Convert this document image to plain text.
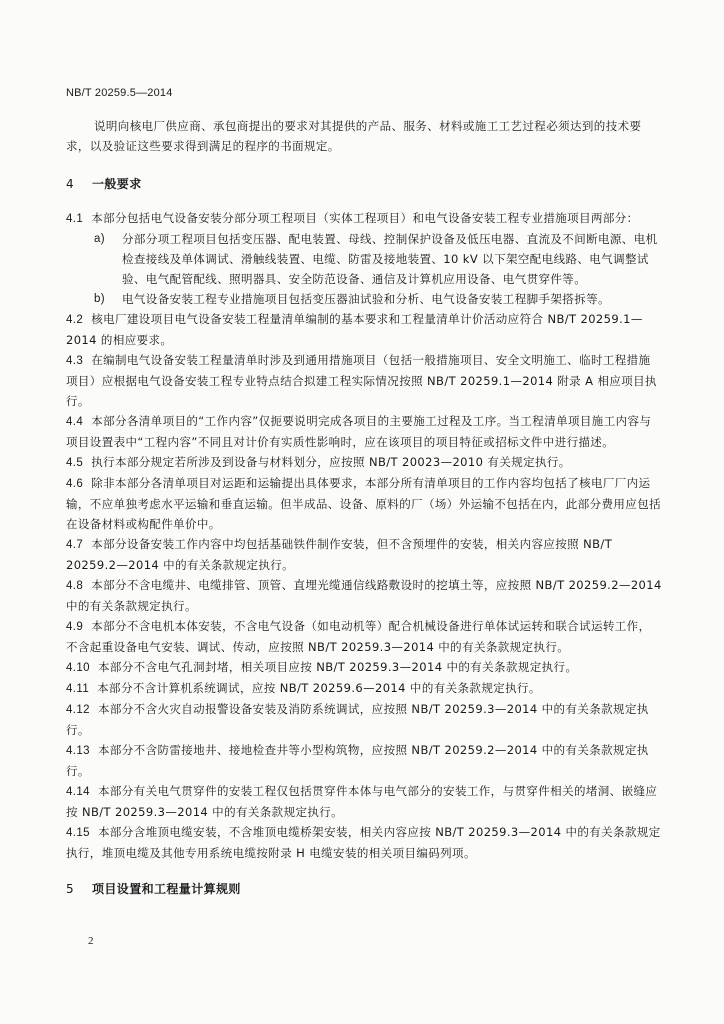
NB/T 20259.5—2014

说明向核电厂供应商、承包商提出的要求对其提供的产品、服务、材料或施工工艺过程必须达到的技术要求，以及验证这些要求得到满足的程序的书面规定。

4 一般要求

4.1 本部分包括电气设备安装分部分项工程项目（实体工程项目）和电气设备安装工程专业措施项目两部分：

a) 分部分项工程项目包括变压器、配电装置、母线、控制保护设备及低压电器、直流及不间断电源、电机检查接线及单体调试、滑触线装置、电缆、防雷及接地装置、10 kV 以下架空配电线路、电气调整试验、电气配管配线、照明器具、安全防范设备、通信及计算机应用设备、电气贯穿件等。

b) 电气设备安装工程专业措施项目包括变压器油试验和分析、电气设备安装工程脚手架搭拆等。

4.2 核电厂建设项目电气设备安装工程量清单编制的基本要求和工程量清单计价活动应符合 NB/T 20259.1—2014 的相应要求。

4.3 在编制电气设备安装工程量清单时涉及到通用措施项目（包括一般措施项目、安全文明施工、临时工程措施项目）应根据电气设备安装工程专业特点结合拟建工程实际情况按照 NB/T 20259.1—2014 附录 A 相应项目执行。

4.4 本部分各清单项目的“工作内容”仅扼要说明完成各项目的主要施工过程及工序。当工程清单项目施工内容与项目设置表中“工程内容”不同且对计价有实质性影响时，应在该项目的项目特征或招标文件中进行描述。

4.5 执行本部分规定若所涉及到设备与材料划分，应按照 NB/T 20023—2010 有关规定执行。

4.6 除非本部分各清单项目对运距和运输提出具体要求，本部分所有清单项目的工作内容均包括了核电厂厂内运输，不应单独考虑水平运输和垂直运输。但半成品、设备、原料的厂（场）外运输不包括在内，此部分费用应包括在设备材料或构配件单价中。

4.7 本部分设备安装工作内容中均包括基础铁件制作安装，但不含预埋件的安装，相关内容应按照 NB/T 20259.2—2014 中的有关条款规定执行。

4.8 本部分不含电缆井、电缆排管、顶管、直埋光缆通信线路敷设时的挖填土等，应按照 NB/T 20259.2—2014 中的有关条款规定执行。

4.9 本部分不含电机本体安装，不含电气设备（如电动机等）配合机械设备进行单体试运转和联合试运转工作，不含起重设备电气安装、调试、传动，应按照 NB/T 20259.3—2014 中的有关条款规定执行。

4.10 本部分不含电气孔洞封堵，相关项目应按 NB/T 20259.3—2014 中的有关条款规定执行。

4.11 本部分不含计算机系统调试，应按 NB/T 20259.6—2014 中的有关条款规定执行。

4.12 本部分不含火灾自动报警设备安装及消防系统调试，应按照 NB/T 20259.3—2014 中的有关条款规定执行。

4.13 本部分不含防雷接地井、接地检查井等小型构筑物，应按照 NB/T 20259.2—2014 中的有关条款规定执行。

4.14 本部分有关电气贯穿件的安装工程仅包括贯穿件本体与电气部分的安装工作，与贯穿件相关的堵洞、嵌缝应按 NB/T 20259.3—2014 中的有关条款规定执行。

4.15 本部分含堆顶电缆安装，不含堆顶电缆桥架安装，相关内容应按 NB/T 20259.3—2014 中的有关条款规定执行，堆顶电缆及其他专用系统电缆按附录 H 电缆安装的相关项目编码列项。

5 项目设置和工程量计算规则
2
